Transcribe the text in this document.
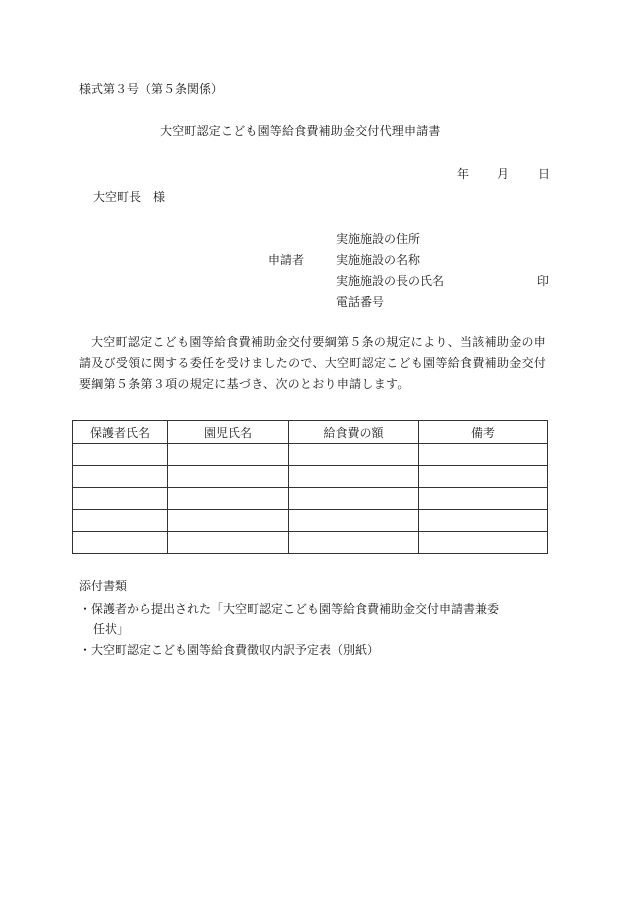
様式第３号（第５条関係）
大空町認定こども園等給食費補助金交付代理申請書
年 月 日
大空町長　様
申請者
実施施設の住所
実施施設の名称
実施施設の長の氏名	印
電話番号
大空町認定こども園等給食費補助金交付要綱第５条の規定により、当該補助金の申請及び受領に関する委任を受けましたので、大空町認定こども園等給食費補助金交付要綱第５条第３項の規定に基づき、次のとおり申請します。
保護者氏名	園児氏名	給食費の額	備考

添付書類
・保護者から提出された「大空町認定こども園等給食費補助金交付申請書兼委
任状」
・大空町認定こども園等給食費徴収内訳予定表（別紙）
